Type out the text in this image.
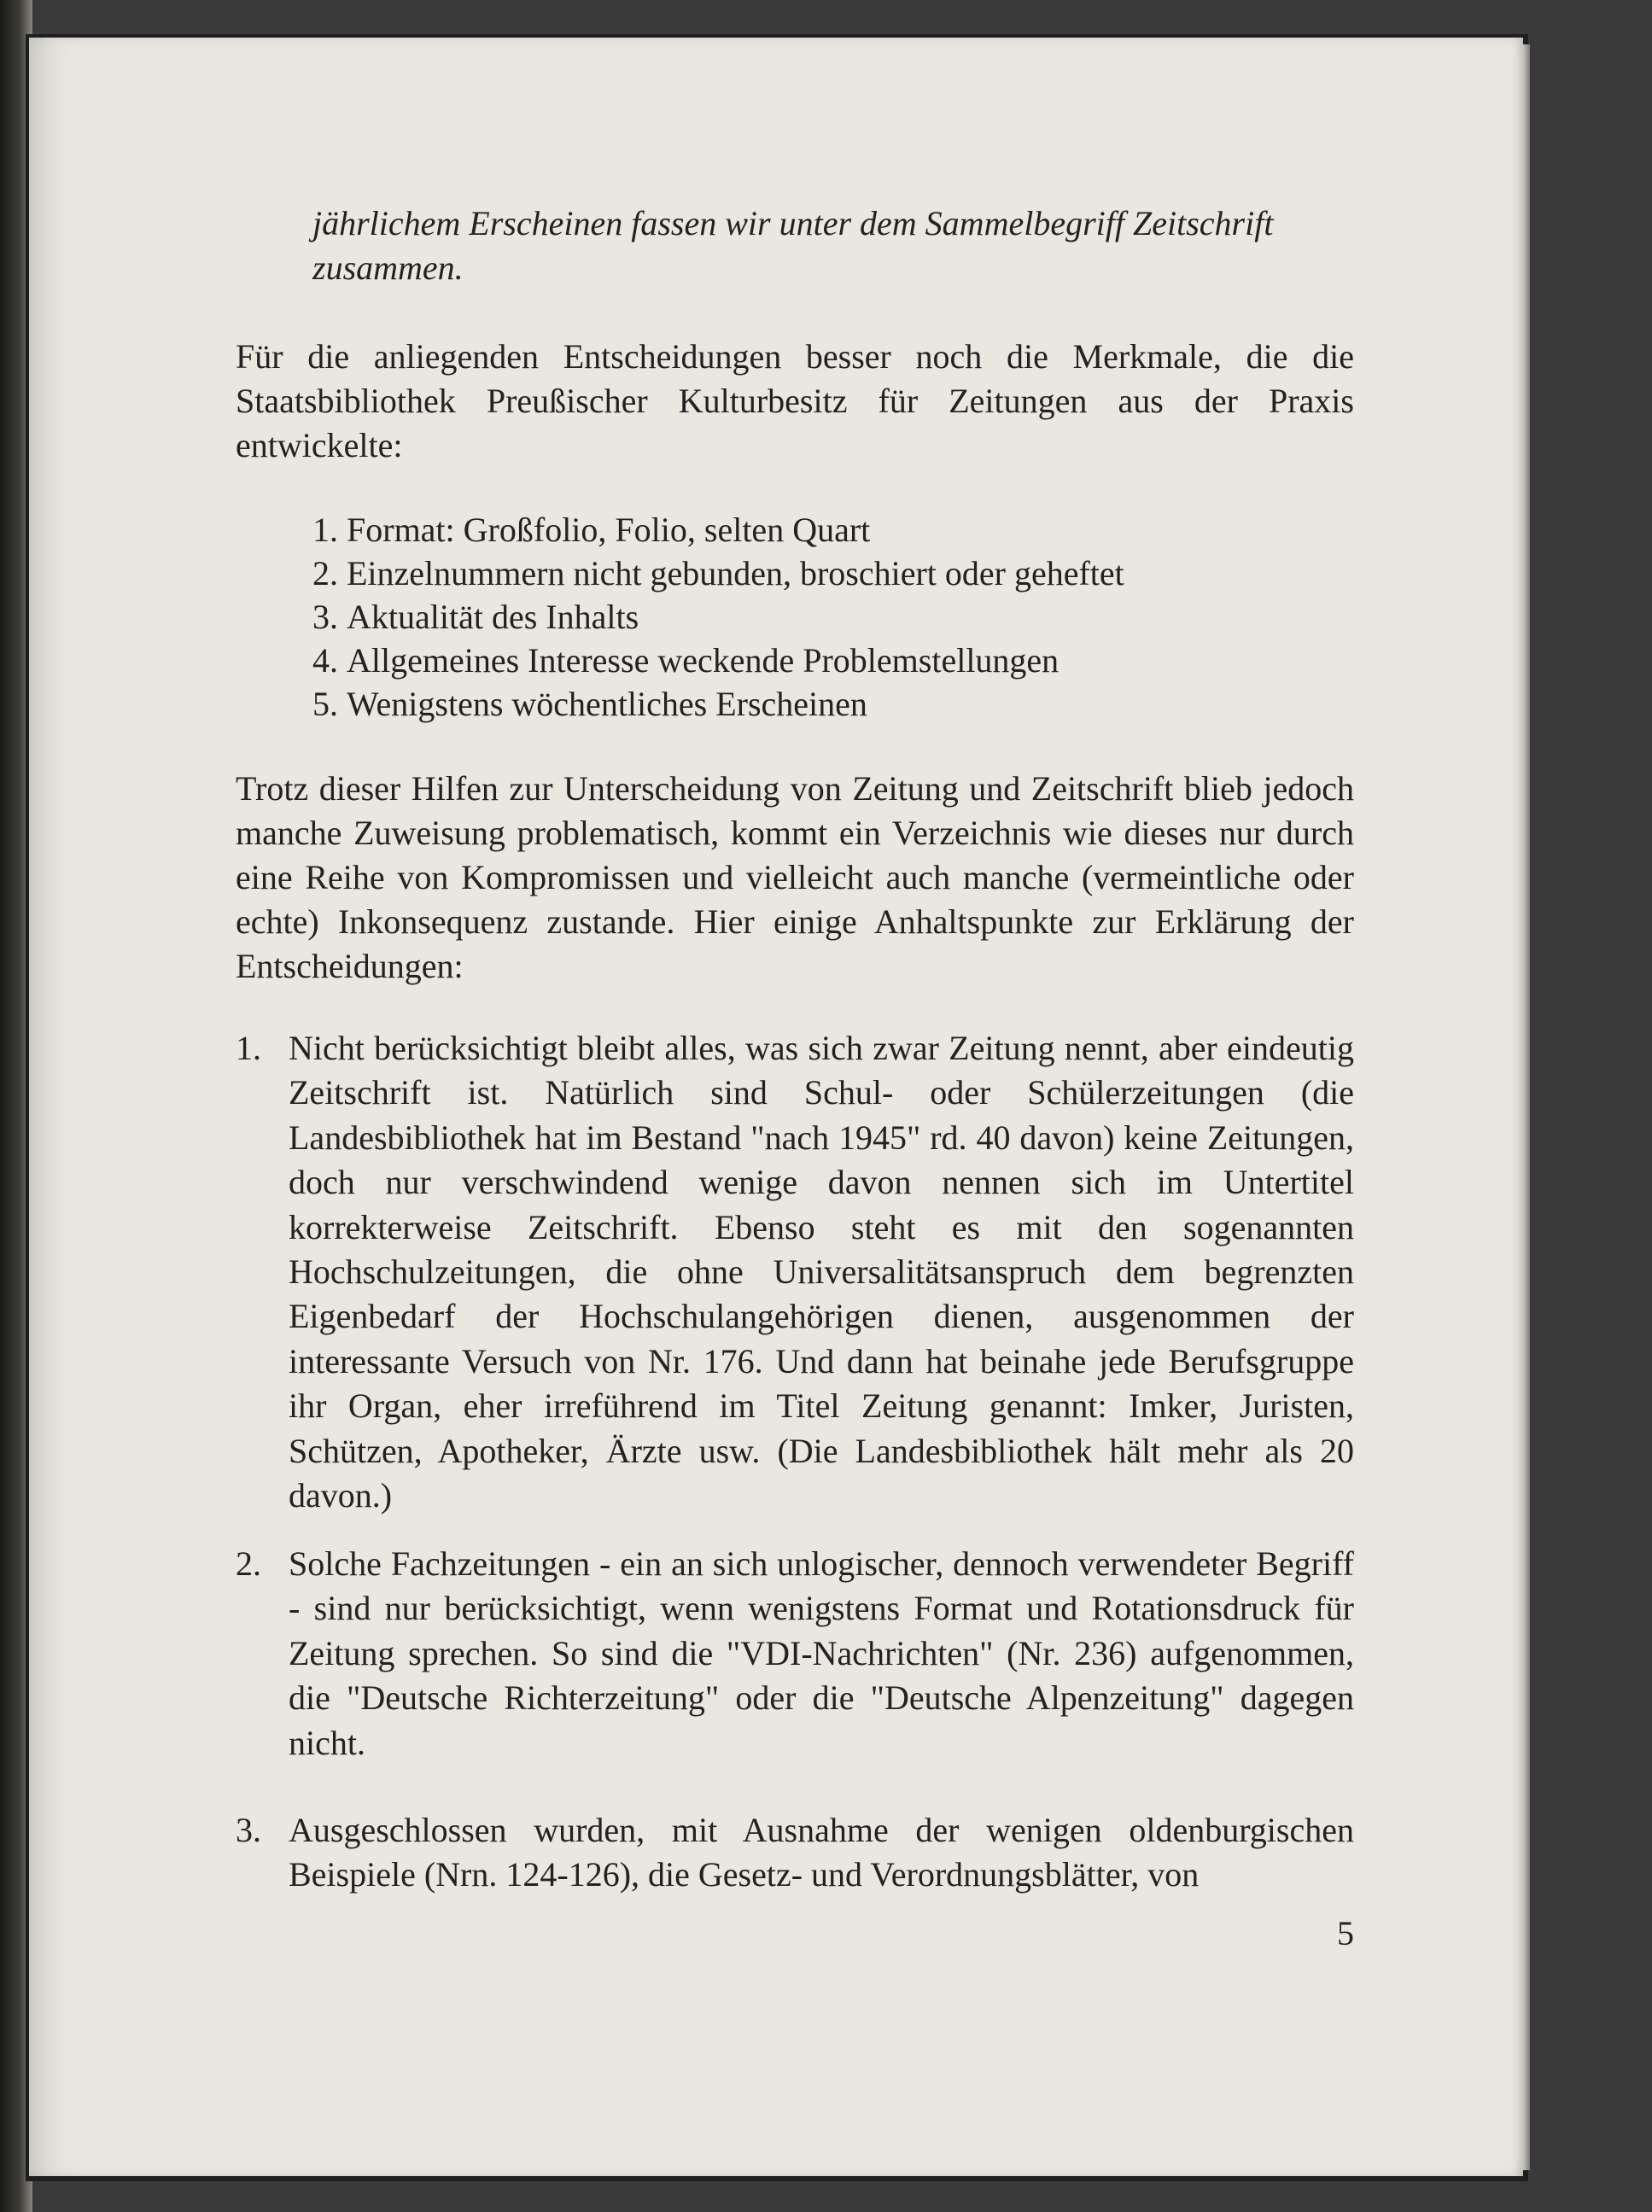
jährlichem Erscheinen fassen wir unter dem Sammelbegriff Zeitschrift zusammen.
Für die anliegenden Entscheidungen besser noch die Merkmale, die die Staatsbibliothek Preußischer Kulturbesitz für Zeitungen aus der Praxis entwickelte:
1. Format: Großfolio, Folio, selten Quart
2. Einzelnummern nicht gebunden, broschiert oder geheftet
3. Aktualität des Inhalts
4. Allgemeines Interesse weckende Problemstellungen
5. Wenigstens wöchentliches Erscheinen
Trotz dieser Hilfen zur Unterscheidung von Zeitung und Zeitschrift blieb jedoch manche Zuweisung problematisch, kommt ein Verzeichnis wie dieses nur durch eine Reihe von Kompromissen und vielleicht auch manche (vermeintliche oder echte) Inkonsequenz zustande. Hier einige Anhaltspunkte zur Erklärung der Entscheidungen:
1. Nicht berücksichtigt bleibt alles, was sich zwar Zeitung nennt, aber eindeutig Zeitschrift ist. Natürlich sind Schul- oder Schülerzeitungen (die Landesbibliothek hat im Bestand "nach 1945" rd. 40 davon) keine Zeitungen, doch nur verschwindend wenige davon nennen sich im Untertitel korrekterweise Zeitschrift. Ebenso steht es mit den sogenannten Hochschulzeitungen, die ohne Universalitätsanspruch dem begrenzten Eigenbedarf der Hochschulangehörigen dienen, ausgenommen der interessante Versuch von Nr. 176. Und dann hat beinahe jede Berufsgruppe ihr Organ, eher irreführend im Titel Zeitung genannt: Imker, Juristen, Schützen, Apotheker, Ärzte usw. (Die Landesbibliothek hält mehr als 20 davon.)
2. Solche Fachzeitungen - ein an sich unlogischer, dennoch verwendeter Begriff - sind nur berücksichtigt, wenn wenigstens Format und Rotationsdruck für Zeitung sprechen. So sind die "VDI-Nachrichten" (Nr. 236) aufgenommen, die "Deutsche Richterzeitung" oder die "Deutsche Alpenzeitung" dagegen nicht.
3. Ausgeschlossen wurden, mit Ausnahme der wenigen oldenburgischen Beispiele (Nrn. 124-126), die Gesetz- und Verordnungsblätter, von
5
